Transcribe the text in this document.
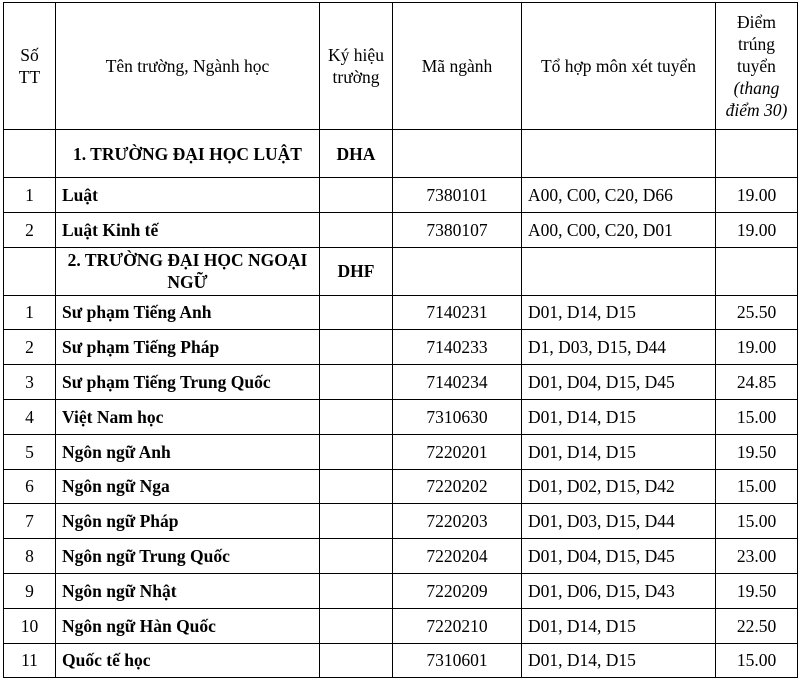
Số TT	Tên trường, Ngành học	Ký hiệu trường	Mã ngành	Tổ hợp môn xét tuyển	Điểm trúng tuyển (thang điểm 30)
	1. TRƯỜNG ĐẠI HỌC LUẬT	DHA			
1	Luật		7380101	A00, C00, C20, D66	19.00
2	Luật Kinh tế		7380107	A00, C00, C20, D01	19.00
	2. TRƯỜNG ĐẠI HỌC NGOẠI NGỮ	DHF			
1	Sư phạm Tiếng Anh		7140231	D01, D14, D15	25.50
2	Sư phạm Tiếng Pháp		7140233	D1, D03, D15, D44	19.00
3	Sư phạm Tiếng Trung Quốc		7140234	D01, D04, D15, D45	24.85
4	Việt Nam học		7310630	D01, D14, D15	15.00
5	Ngôn ngữ Anh		7220201	D01, D14, D15	19.50
6	Ngôn ngữ Nga		7220202	D01, D02, D15, D42	15.00
7	Ngôn ngữ Pháp		7220203	D01, D03, D15, D44	15.00
8	Ngôn ngữ Trung Quốc		7220204	D01, D04, D15, D45	23.00
9	Ngôn ngữ Nhật		7220209	D01, D06, D15, D43	19.50
10	Ngôn ngữ Hàn Quốc		7220210	D01, D14, D15	22.50
11	Quốc tế học		7310601	D01, D14, D15	15.00
